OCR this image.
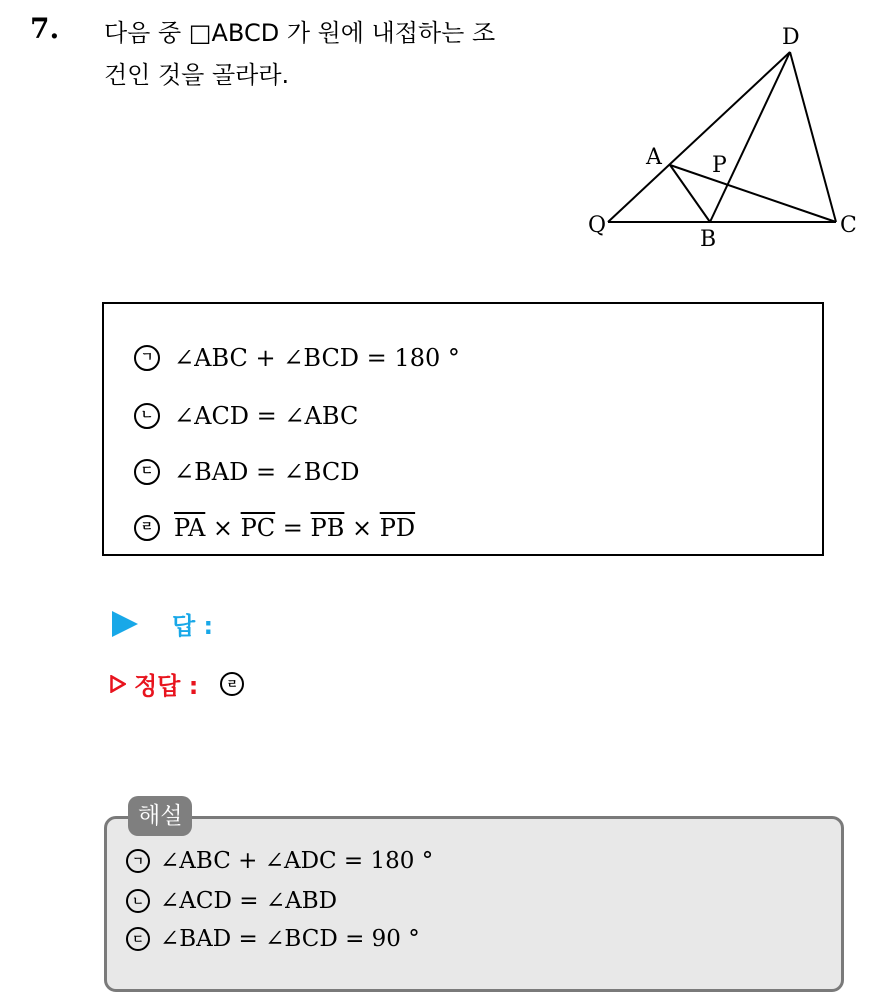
7. 다음 중 □ABCD 가 원에 내접하는 조
건인 것을 골라라.
D
A P
Q
B
C
ㄱ ∠ABC + ∠BCD = 180 °
ㄴ ∠ACD = ∠ABC
ㄷ ∠BAD = ∠BCD
ㄹ $\overline{PA} \times \overline{PC} = \overline{PB} \times \overline{PD}$
답 :
정답 :	ㄹ
해설
ㄱ ∠ABC + ∠ADC = 180 °
ㄴ ∠ACD = ∠ABD
ㄷ ∠BAD = ∠BCD = 90 °
